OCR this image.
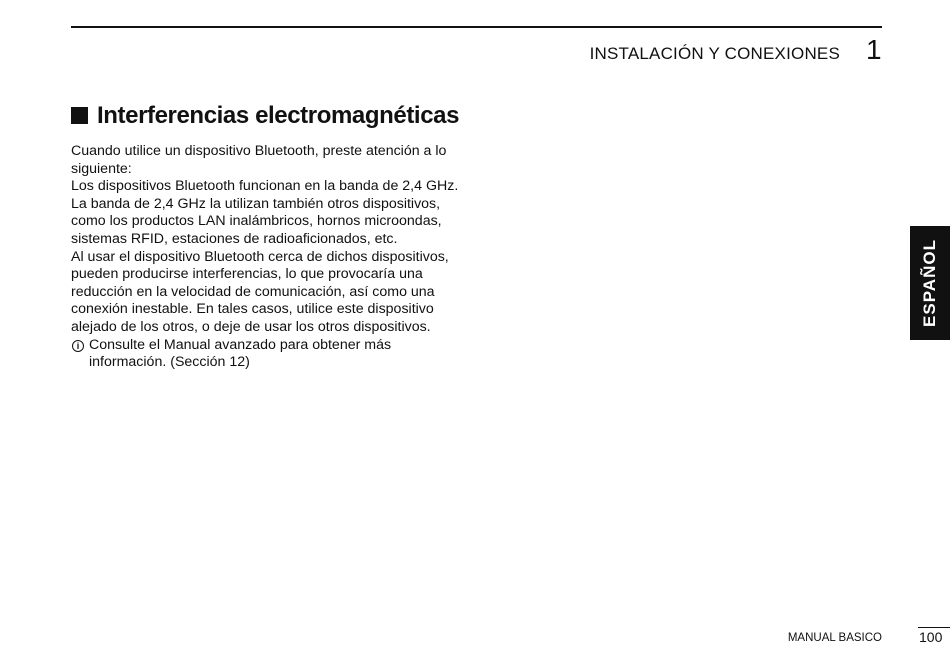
INSTALACIÓN Y CONEXIONES 1
Interferencias electromagnéticas

Cuando utilice un dispositivo Bluetooth, preste atención a lo

siguiente:

Los dispositivos Bluetooth funcionan en la banda de 2,4 GHz.

La banda de 2,4 GHz la utilizan también otros dispositivos,

como los productos LAN inalámbricos, hornos microondas,

sistemas RFID, estaciones de radioaficionados, etc.

Al usar el dispositivo Bluetooth cerca de dichos dispositivos,

pueden producirse interferencias, lo que provocaría una

reducción en la velocidad de comunicación, así como una

conexión inestable. En tales casos, utilice este dispositivo

alejado de los otros, o deje de usar los otros dispositivos.

i Consulte el Manual avanzado para obtener más

información. (Sección 12)

ESPAÑOL
MANUAL BASICO	100
